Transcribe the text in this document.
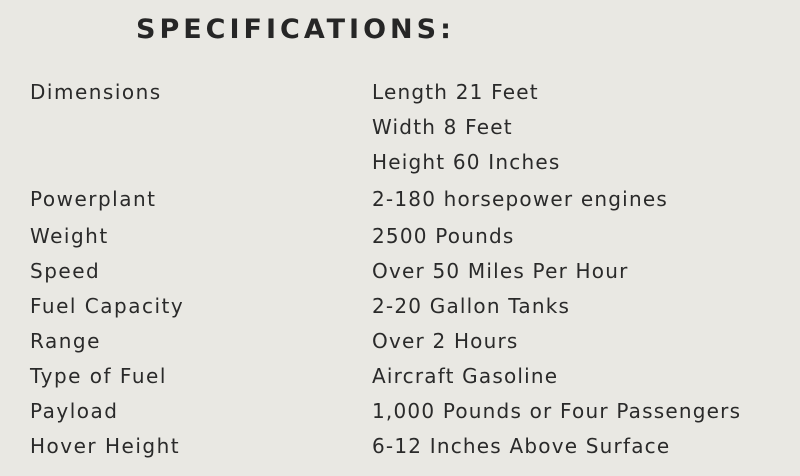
SPECIFICATIONS:
Dimensions	Length 21 Feet
Width 8 Feet
Height 60 Inches
Powerplant	2-180 horsepower engines
Weight	2500 Pounds
Speed	Over 50 Miles Per Hour
Fuel Capacity	2-20 Gallon Tanks
Range	Over 2 Hours
Type of Fuel	Aircraft Gasoline
Payload	1,000 Pounds or Four Passengers
Hover Height	6-12 Inches Above Surface
